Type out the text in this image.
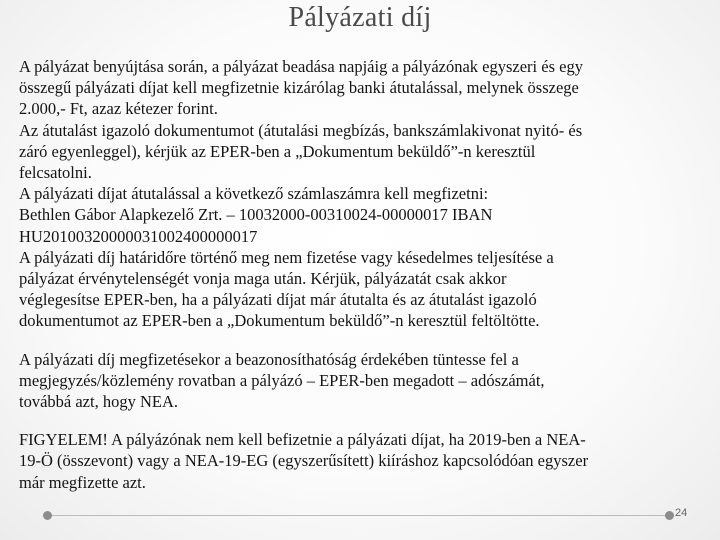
Pályázati díj

A pályázat benyújtása során, a pályázat beadása napjáig a pályázónak egyszeri és egy
összegű pályázati díjat kell megfizetnie kizárólag banki átutalással, melynek összege
2.000,- Ft, azaz kétezer forint.
Az átutalást igazoló dokumentumot (átutalási megbízás, bankszámlakivonat nyitó- és
záró egyenleggel), kérjük az EPER-ben a „Dokumentum beküldő”-n keresztül
felcsatolni.
A pályázati díjat átutalással a következő számlaszámra kell megfizetni:
Bethlen Gábor Alapkezelő Zrt. – 10032000-00310024-00000017 IBAN
HU20100320000031002400000017
A pályázati díj határidőre történő meg nem fizetése vagy késedelmes teljesítése a
pályázat érvénytelenségét vonja maga után. Kérjük, pályázatát csak akkor
véglegesítse EPER-ben, ha a pályázati díjat már átutalta és az átutalást igazoló
dokumentumot az EPER-ben a „Dokumentum beküldő”-n keresztül feltöltötte.

A pályázati díj megfizetésekor a beazonosíthatóság érdekében tüntesse fel a
megjegyzés/közlemény rovatban a pályázó – EPER-ben megadott – adószámát,
továbbá azt, hogy NEA.

FIGYELEM! A pályázónak nem kell befizetnie a pályázati díjat, ha 2019-ben a NEA-
19-Ö (összevont) vagy a NEA-19-EG (egyszerűsített) kiíráshoz kapcsolódóan egyszer
már megfizette azt.

24
